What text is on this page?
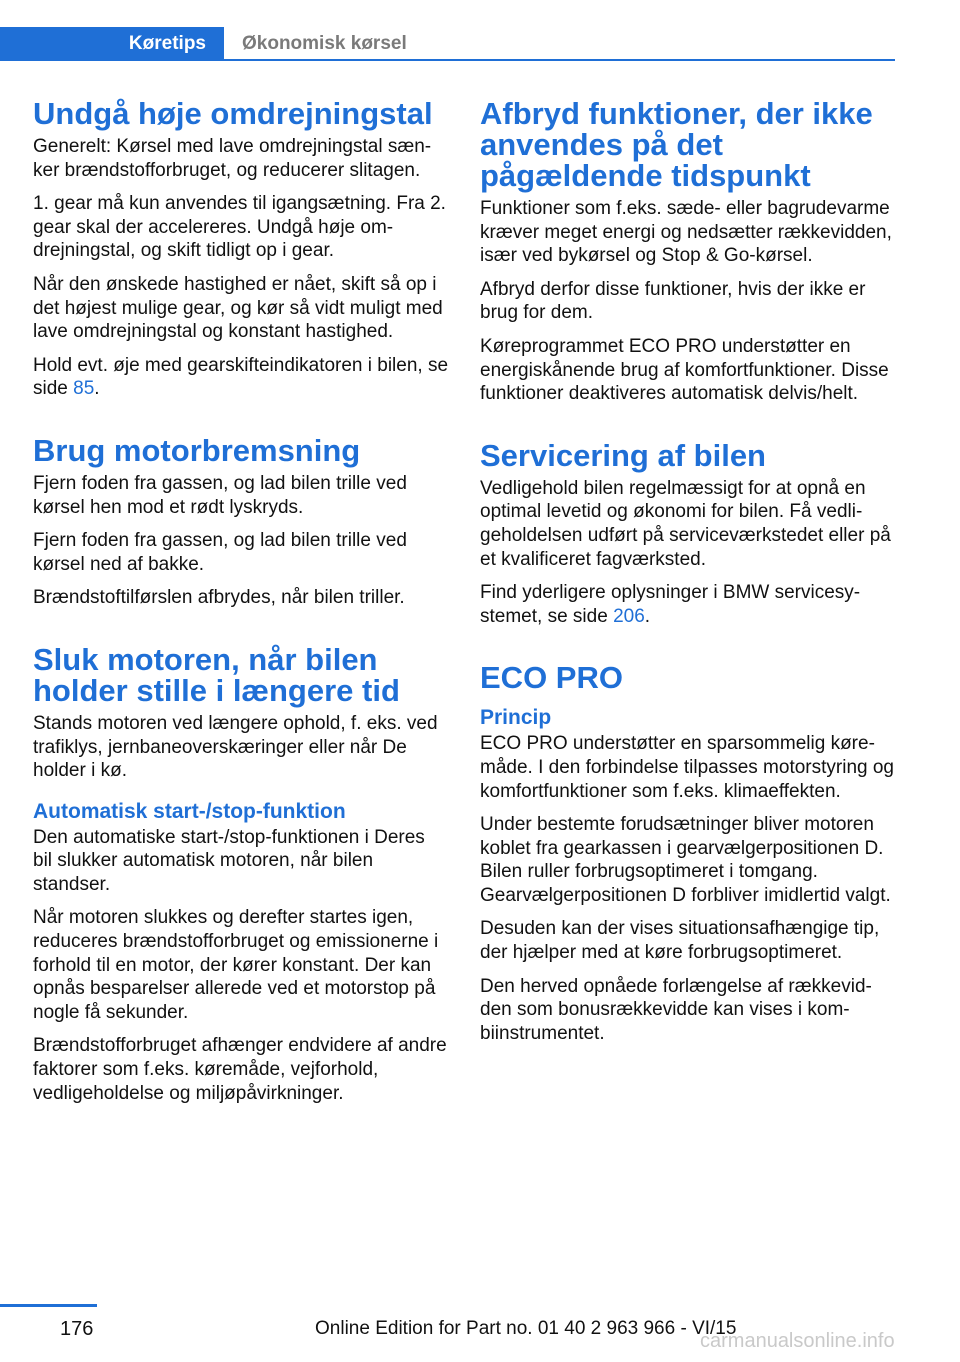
Køretips	Økonomisk kørsel
Undgå høje omdrejningstal

Generelt: Kørsel med lave omdrejningstal sænker brændstofforbruget, og reducerer slitagen.

1. gear må kun anvendes til igangsætning. Fra 2. gear skal der accelereres. Undgå høje omdrejningstal, og skift tidligt op i gear.

Når den ønskede hastighed er nået, skift så op i det højest mulige gear, og kør så vidt muligt med lave omdrejningstal og konstant hastighed.

Hold evt. øje med gearskifteindikatoren i bilen, se side 85.

Brug motorbremsning

Fjern foden fra gassen, og lad bilen trille ved kørsel hen mod et rødt lyskryds.

Fjern foden fra gassen, og lad bilen trille ved kørsel ned af bakke.

Brændstoftilførslen afbrydes, når bilen triller.

Sluk motoren, når bilen holder stille i længere tid

Stands motoren ved længere ophold, f. eks. ved trafiklys, jernbaneoverskæringer eller når De holder i kø.

Automatisk start-/stop-funktion

Den automatiske start-/stop-funktionen i Deres bil slukker automatisk motoren, når bilen standser.

Når motoren slukkes og derefter startes igen, reduceres brændstofforbruget og emissionerne i forhold til en motor, der kører konstant. Der kan opnås besparelser allerede ved et motorstop på nogle få sekunder.

Brændstofforbruget afhænger endvidere af andre faktorer som f.eks. køremåde, vejforhold, vedligeholdelse og miljøpåvirkninger.

Afbryd funktioner, der ikke anvendes på det pågældende tidspunkt

Funktioner som f.eks. sæde- eller bagrudevarme kræver meget energi og nedsætter rækkevidden, især ved bykørsel og Stop & Go-kørsel.

Afbryd derfor disse funktioner, hvis der ikke er brug for dem.

Køreprogrammet ECO PRO understøtter en energiskånende brug af komfortfunktioner. Disse funktioner deaktiveres automatisk delvis/helt.

Servicering af bilen

Vedligehold bilen regelmæssigt for at opnå en optimal levetid og økonomi for bilen. Få vedligeholdelsen udført på serviceværkstedet eller på et kvalificeret fagværksted.

Find yderligere oplysninger i BMW servicesystemet, se side 206.

ECO PRO
Princip

ECO PRO understøtter en sparsommelig køremåde. I den forbindelse tilpasses motorstyring og komfortfunktioner som f.eks. klimaeffekten.

Under bestemte forudsætninger bliver motoren koblet fra gearkassen i gearvælgerpositionen D. Bilen ruller forbrugsoptimeret i tomgang. Gearvælgerpositionen D forbliver imidlertid valgt.

Desuden kan der vises situationsafhængige tip, der hjælper med at køre forbrugsoptimeret.

Den herved opnåede forlængelse af rækkevidden som bonusrækkevidde kan vises i kombiinstrumentet.

176	Online Edition for Part no. 01 40 2 963 966 - VI/15
carmanualsonline.info
